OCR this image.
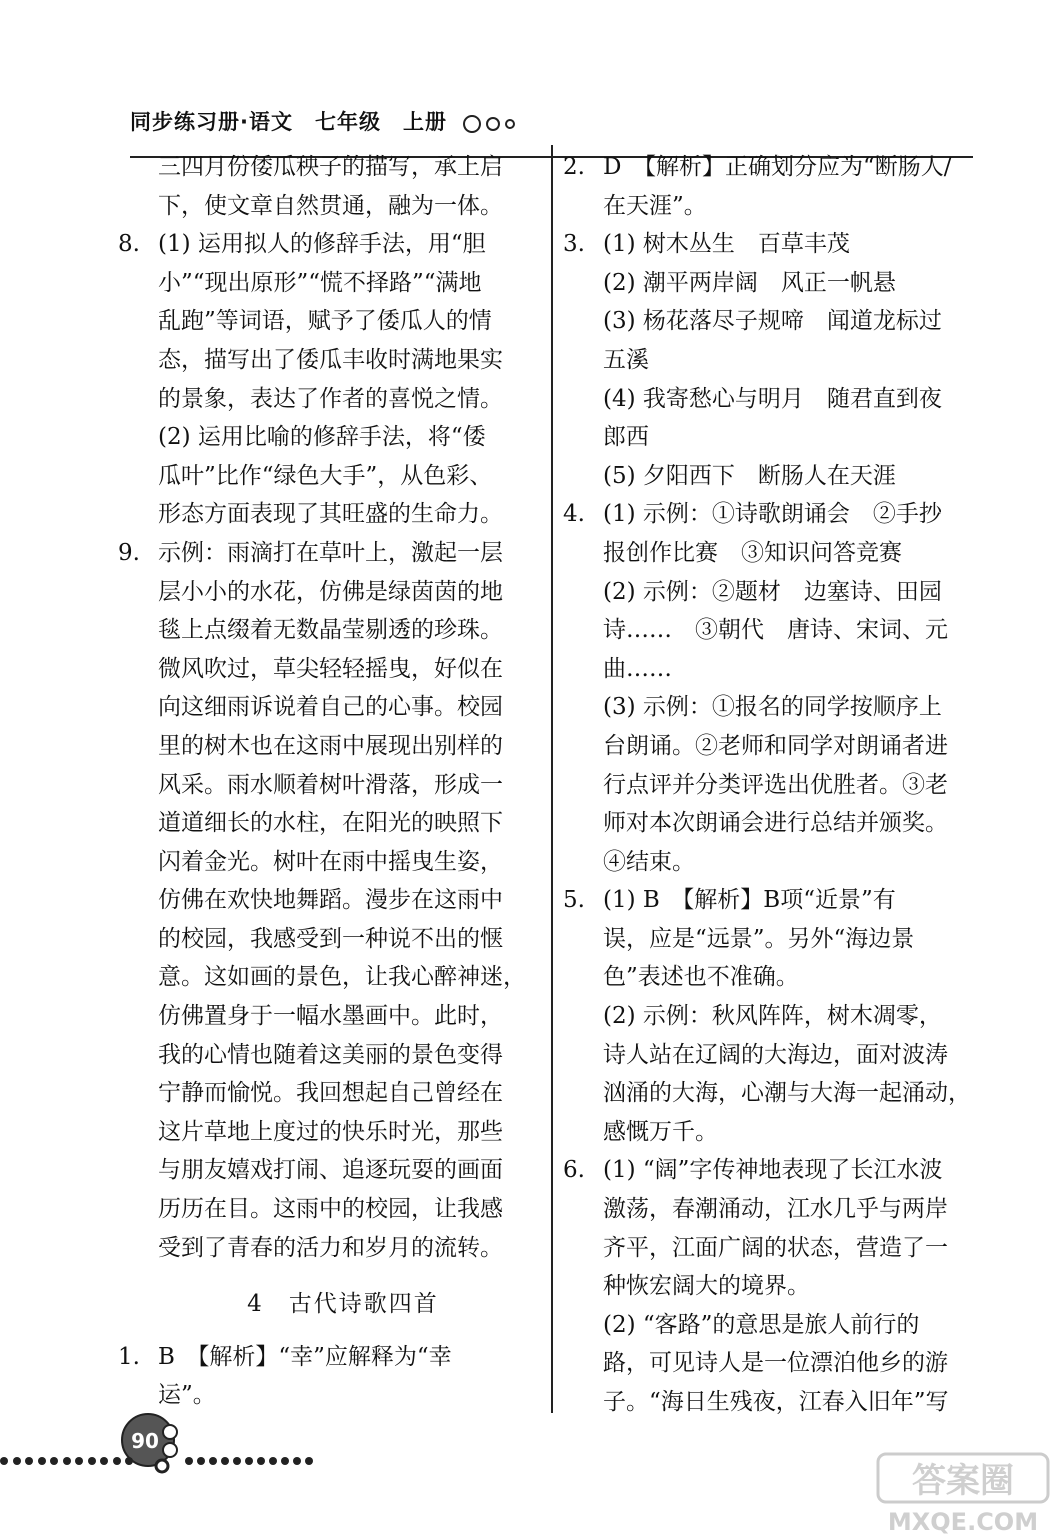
同步练习册·语文　七年级　上册
三四月份倭瓜秧子的描写，承上启
下，使文章自然贯通，融为一体。
8. (1) 运用拟人的修辞手法，用“胆
小”“现出原形”“慌不择路”“满地
乱跑”等词语，赋予了倭瓜人的情
态，描写出了倭瓜丰收时满地果实
的景象，表达了作者的喜悦之情。
(2) 运用比喻的修辞手法，将“倭
瓜叶”比作“绿色大手”，从色彩、
形态方面表现了其旺盛的生命力。
9. 示例：雨滴打在草叶上，激起一层
层小小的水花，仿佛是绿茵茵的地
毯上点缀着无数晶莹剔透的珍珠。
微风吹过，草尖轻轻摇曳，好似在
向这细雨诉说着自己的心事。校园
里的树木也在这雨中展现出别样的
风采。雨水顺着树叶滑落，形成一
道道细长的水柱，在阳光的映照下
闪着金光。树叶在雨中摇曳生姿，
仿佛在欢快地舞蹈。漫步在这雨中
的校园，我感受到一种说不出的惬
意。这如画的景色，让我心醉神迷，
仿佛置身于一幅水墨画中。此时，
我的心情也随着这美丽的景色变得
宁静而愉悦。我回想起自己曾经在
这片草地上度过的快乐时光，那些
与朋友嬉戏打闹、追逐玩耍的画面
历历在目。这雨中的校园，让我感
受到了青春的活力和岁月的流转。
4　古代诗歌四首
1. B　【解析】“幸”应解释为“幸
运”。
2. D　【解析】正确划分应为“断肠人/
在天涯”。
3. (1) 树木丛生　百草丰茂
(2) 潮平两岸阔　风正一帆悬
(3) 杨花落尽子规啼　闻道龙标过
五溪
(4) 我寄愁心与明月　随君直到夜
郎西
(5) 夕阳西下　断肠人在天涯
4. (1) 示例：①诗歌朗诵会　②手抄
报创作比赛　③知识问答竞赛
(2) 示例：②题材　边塞诗、田园
诗……　③朝代　唐诗、宋词、元
曲……
(3) 示例：①报名的同学按顺序上
台朗诵。②老师和同学对朗诵者进
行点评并分类评选出优胜者。③老
师对本次朗诵会进行总结并颁奖。
④结束。
5. (1) B　【解析】B项“近景”有
误，应是“远景”。另外“海边景
色”表述也不准确。
(2) 示例：秋风阵阵，树木凋零，
诗人站在辽阔的大海边，面对波涛
汹涌的大海，心潮与大海一起涌动，
感慨万千。
6. (1) “阔”字传神地表现了长江水波
激荡，春潮涌动，江水几乎与两岸
齐平，江面广阔的状态，营造了一
种恢宏阔大的境界。
(2) “客路”的意思是旅人前行的
路，可见诗人是一位漂泊他乡的游
子。“海日生残夜，江春入旧年”写
90
答案圈
MXQE.COM
